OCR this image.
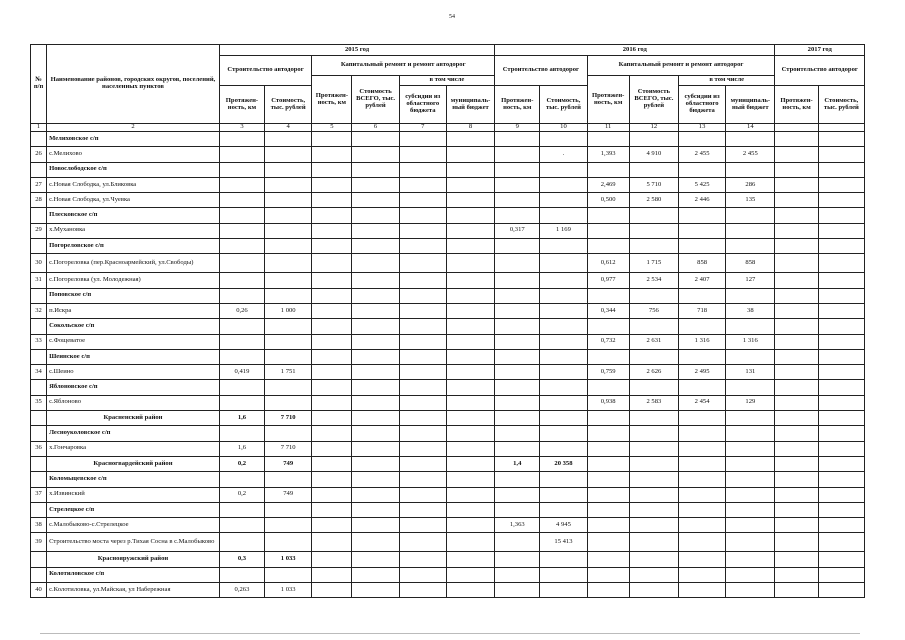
54
№ п/п	Наименование районов, городских округов, поселений, населенных пунктов	2015 год						2016 год						2017 год	
		Строительство автодорог		Капитальный ремонт и ремонт автодорог				Строительство автодорог		Капитальный ремонт и ремонт автодорог				Строительство автодорог	
				Протяжен-ность, км	Стоимость ВСЕГО, тыс. рублей	в том числе				Протяжен-ность, км	Стоимость ВСЕГО, тыс. рублей	в том числе			
		Протяжен-ность, км	Стоимость, тыс. рублей			субсидии из областного бюджета	муниципаль-ный бюджет	Протяжен-ность, км	Стоимость, тыс. рублей			субсидии из областного бюджета	муниципаль-ный бюджет	Протяжен-ность, км	Стоимость, тыс. рублей
1	2	3	4	5	6	7	8	9	10	11	12	13	14		
	Мелиховское с/п														
26	с.Мелихово								.	1,393	4 910	2 455	2 455		
	Новослободское с/п														
27	с.Новая Слободка, ул.Бликовка									2,469	5 710	5 425	286		
28	с.Новая Слободка, ул.Чуевка									0,500	2 580	2 446	135		
	Плесковское с/п														
29	х.Мухановка							0,317	1 169						
	Погореловское с/п														
30	с.Погореловка (пер.Красноармейский, ул.Свободы)									0,612	1 715	858	858		
31	с.Погореловка (ул. Молодежная)									0,977	2 534	2 407	127		
	Поповское с/п														
32	п.Искра	0,26	1 000							0,344	756	718	38		
	Сокольское с/п														
33	с.Фощеватое									0,732	2 631	1 316	1 316		
	Шеинское с/п														
34	с.Шеино	0,419	1 751							0,759	2 626	2 495	131		
	Яблоновское с/п														
35	с.Яблоново									0,938	2 583	2 454	129		
	Красненский район	1,6	7 710												
	Лесноуколовское с/п														
36	х.Гончаровка	1,6	7 710												
	Красногвардейский район	0,2	749					1,4	20 358						
	Коломыцевское с/п														
37	х.Извинский	0,2	749												
	Стрелецкое с/п														
38	с.Малобыково-с.Стрелецкое							1,363	4 945						
39	Строительство моста через р.Тихая Сосна в с.Малобыково								15 413						
	Краснояружский район	0,3	1 033												
	Колотиловское с/п														
40	с.Колотиловка, ул.Майская, ул Набережная	0,263	1 033												
